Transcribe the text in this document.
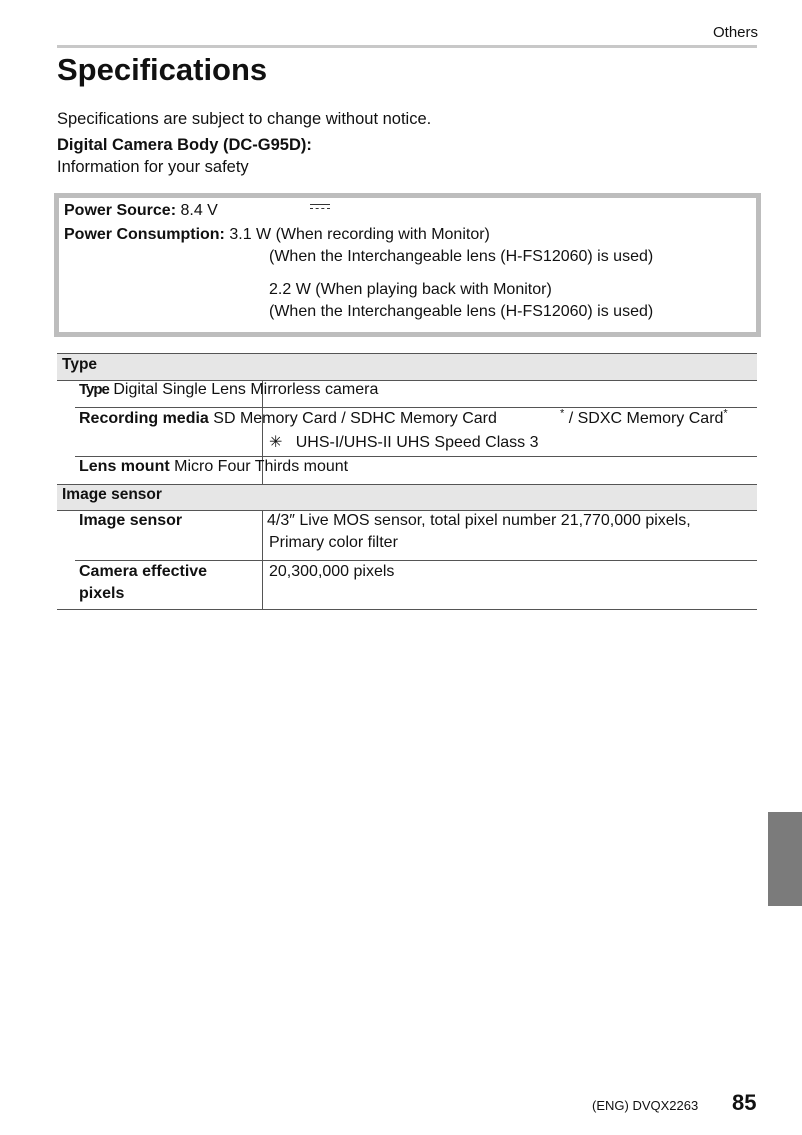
Others
Specifications
Specifications are subject to change without notice.
Digital Camera Body (DC-G95D):
Information for your safety
Power Source: 8.4 V
Power Consumption: 3.1 W (When recording with Monitor)
(When the Interchangeable lens (H-FS12060) is used)
2.2 W (When playing back with Monitor)
(When the Interchangeable lens (H-FS12060) is used)
Type
Type Digital Single Lens Mirrorless camera
Recording media SD Memory Card / SDHC Memory Card	* / SDXC Memory Card*
✳ UHS-I/UHS-II UHS Speed Class 3
Lens mount Micro Four Thirds mount
Image sensor
Image sensor	4/3″ Live MOS sensor, total pixel number 21,770,000 pixels,
Primary color filter
Camera effective
pixels
20,300,000 pixels
(ENG) DVQX2263 85
